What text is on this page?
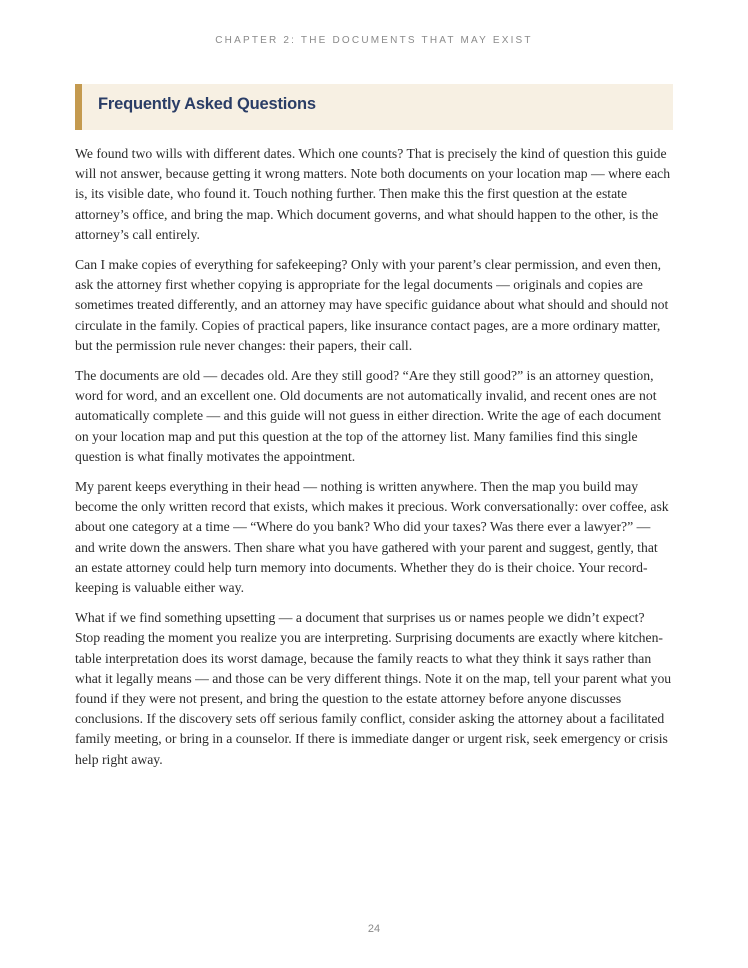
CHAPTER 2: THE DOCUMENTS THAT MAY EXIST
Frequently Asked Questions

We found two wills with different dates. Which one counts? That is precisely the kind of question this guide will not answer, because getting it wrong matters. Note both documents on your location map — where each is, its visible date, who found it. Touch nothing further. Then make this the first question at the estate attorney’s office, and bring the map. Which document governs, and what should happen to the other, is the attorney’s call entirely.

Can I make copies of everything for safekeeping? Only with your parent’s clear permission, and even then, ask the attorney first whether copying is appropriate for the legal documents — originals and copies are sometimes treated differently, and an attorney may have specific guidance about what should and should not circulate in the family. Copies of practical papers, like insurance contact pages, are a more ordinary matter, but the permission rule never changes: their papers, their call.

The documents are old — decades old. Are they still good? “Are they still good?” is an attorney question, word for word, and an excellent one. Old documents are not automatically invalid, and recent ones are not automatically complete — and this guide will not guess in either direction. Write the age of each document on your location map and put this question at the top of the attorney list. Many families find this single question is what finally motivates the appointment.

My parent keeps everything in their head — nothing is written anywhere. Then the map you build may become the only written record that exists, which makes it precious. Work conversationally: over coffee, ask about one category at a time — “Where do you bank? Who did your taxes? Was there ever a lawyer?” — and write down the answers. Then share what you have gathered with your parent and suggest, gently, that an estate attorney could help turn memory into documents. Whether they do is their choice. Your record-keeping is valuable either way.

What if we find something upsetting — a document that surprises us or names people we didn’t expect? Stop reading the moment you realize you are interpreting. Surprising documents are exactly where kitchen-table interpretation does its worst damage, because the family reacts to what they think it says rather than what it legally means — and those can be very different things. Note it on the map, tell your parent what you found if they were not present, and bring the question to the estate attorney before anyone discusses conclusions. If the discovery sets off serious family conflict, consider asking the attorney about a facilitated family meeting, or bring in a counselor. If there is immediate danger or urgent risk, seek emergency or crisis help right away.

24
